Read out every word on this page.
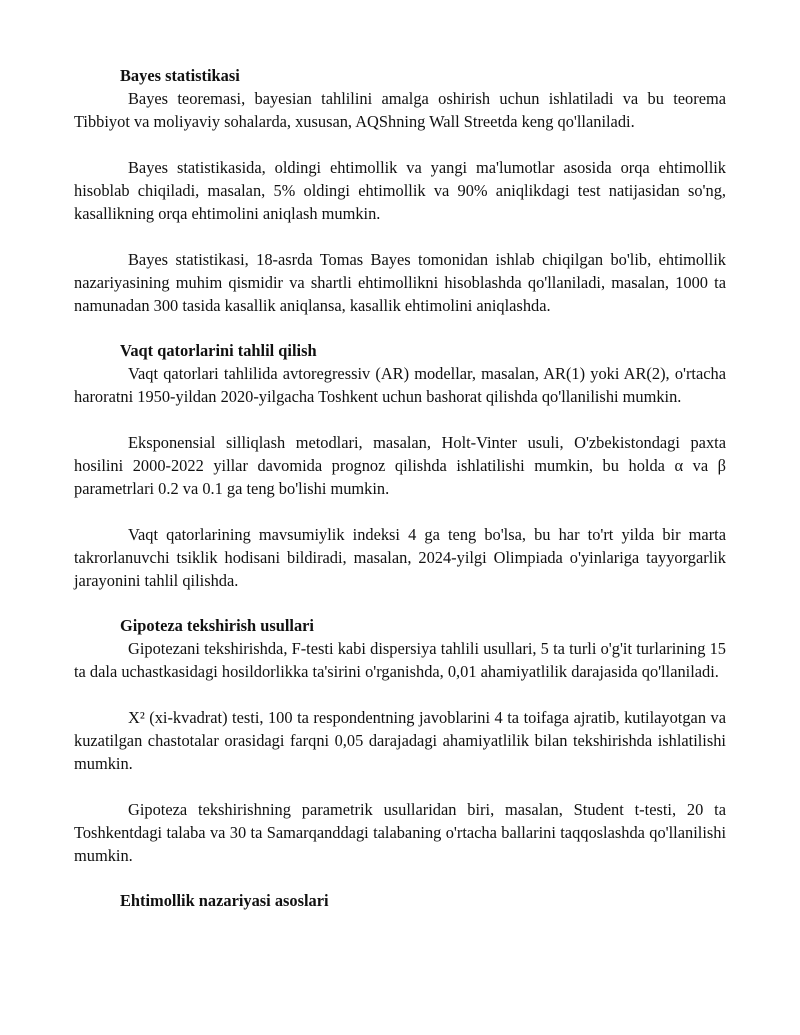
Bayes statistikasi

Bayes teoremasi, bayesian tahlilini amalga oshirish uchun ishlatiladi va bu teorema Tibbiyot va moliyaviy sohalarda, xususan, AQShning Wall Streetda keng qo'llaniladi.

Bayes statistikasida, oldingi ehtimollik va yangi ma'lumotlar asosida orqa ehtimollik hisoblab chiqiladi, masalan, 5% oldingi ehtimollik va 90% aniqlikdagi test natijasidan so'ng, kasallikning orqa ehtimolini aniqlash mumkin.

Bayes statistikasi, 18-asrda Tomas Bayes tomonidan ishlab chiqilgan bo'lib, ehtimollik nazariyasining muhim qismidir va shartli ehtimollikni hisoblashda qo'llaniladi, masalan, 1000 ta namunadan 300 tasida kasallik aniqlansa, kasallik ehtimolini aniqlashda.

Vaqt qatorlarini tahlil qilish

Vaqt qatorlari tahlilida avtoregressiv (AR) modellar, masalan, AR(1) yoki AR(2), o'rtacha haroratni 1950-yildan 2020-yilgacha Toshkent uchun bashorat qilishda qo'llanilishi mumkin.

Eksponensial silliqlash metodlari, masalan, Holt-Vinter usuli, O'zbekistondagi paxta hosilini 2000-2022 yillar davomida prognoz qilishda ishlatilishi mumkin, bu holda α va β parametrlari 0.2 va 0.1 ga teng bo'lishi mumkin.

Vaqt qatorlarining mavsumiylik indeksi 4 ga teng bo'lsa, bu har to'rt yilda bir marta takrorlanuvchi tsiklik hodisani bildiradi, masalan, 2024-yilgi Olimpiada o'yinlariga tayyorgarlik jarayonini tahlil qilishda.

Gipoteza tekshirish usullari

Gipotezani tekshirishda, F-testi kabi dispersiya tahlili usullari, 5 ta turli o'g'it turlarining 15 ta dala uchastkasidagi hosildorlikka ta'sirini o'rganishda, 0,01 ahamiyatlilik darajasida qo'llaniladi.

X² (xi-kvadrat) testi, 100 ta respondentning javoblarini 4 ta toifaga ajratib, kutilayotgan va kuzatilgan chastotalar orasidagi farqni 0,05 darajadagi ahamiyatlilik bilan tekshirishda ishlatilishi mumkin.

Gipoteza tekshirishning parametrik usullaridan biri, masalan, Student t-testi, 20 ta Toshkentdagi talaba va 30 ta Samarqanddagi talabaning o'rtacha ballarini taqqoslashda qo'llanilishi mumkin.

Ehtimollik nazariyasi asoslari
